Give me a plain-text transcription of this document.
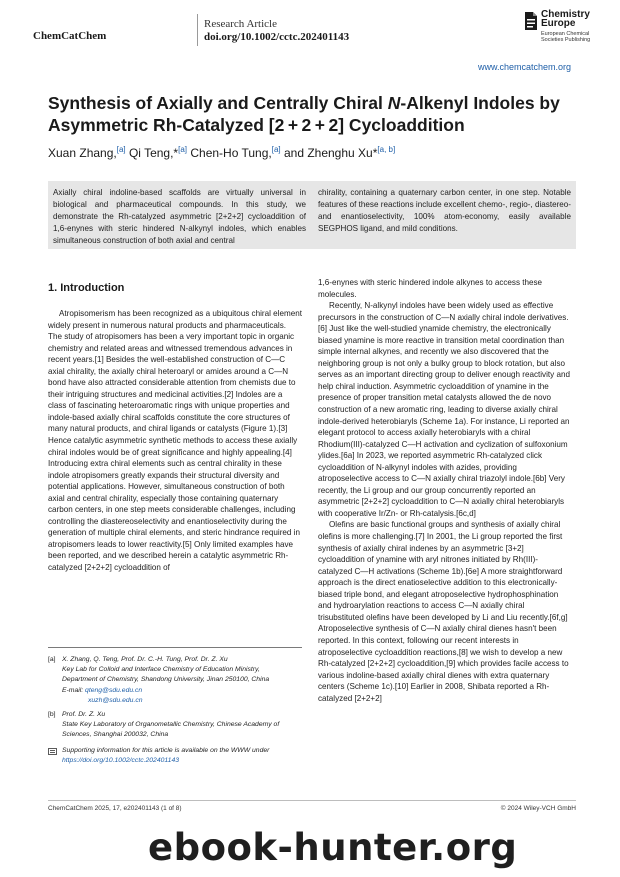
ChemCatChem
Research Article
doi.org/10.1002/cctc.202401143
Chemistry
Europe
European Chemical
Societies Publishing
www.chemcatchem.org
Synthesis of Axially and Centrally Chiral N-Alkenyl Indoles by Asymmetric Rh-Catalyzed [2 + 2 + 2] Cycloaddition
Xuan Zhang,[a] Qi Teng,*[a] Chen-Ho Tung,[a] and Zhenghu Xu*[a, b]
Axially chiral indoline-based scaffolds are virtually universal in biological and pharmaceutical compounds. In this study, we demonstrate the Rh-catalyzed asymmetric [2+2+2] cycloaddition of 1,6-enynes with steric hindered N-alkynyl indoles, which enables simultaneous construction of both axial and central
chirality, containing a quaternary carbon center, in one step. Notable features of these reactions include excellent chemo-, regio-, diastereo- and enantioselectivity, 100% atom-economy, easily available SEGPHOS ligand, and mild conditions.
1. Introduction

Atropisomerism has been recognized as a ubiquitous chiral element widely present in numerous natural products and pharmaceuticals. The study of atropisomers has been a very important topic in organic chemistry and related areas and witnessed tremendous advances in recent years.[1] Besides the well-established construction of C—C axial chirality, the axially chiral heteroaryl or amides around a C—N bond have also attracted considerable attention from chemists due to their intriguing structures and medicinal activities.[2] Indoles are a class of fascinating heteroaromatic rings with unique properties and indole-based axially chiral scaffolds constitute the core structures of many natural products, and chiral ligands or catalysts (Figure 1).[3] Hence catalytic asymmetric synthetic methods to access these axially chiral indoles would be of great significance and highly appealing.[4] Introducing extra chiral elements such as central chirality in these indole atropisomers greatly expands their structural diversity and potential applications. However, simultaneous construction of both axial and central chirality, especially those containing quaternary carbon centers, in one step meets considerable challenges, including controlling the diastereoselectivity and enantioselectivity during the generation of multiple chiral elements, and steric hindrance required in atropisomers leads to lower reactivity.[5] Only limited examples have been reported, and we described herein a catalytic asymmetric Rh-catalyzed [2+2+2] cycloaddition of

1,6-enynes with steric hindered indole alkynes to access these molecules.

Recently, N-alkynyl indoles have been widely used as effective precursors in the construction of C—N axially chiral indole derivatives.[6] Just like the well-studied ynamide chemistry, the electronically biased ynamine is more reactive in transition metal coordination than simple internal alkynes, and recently we also discovered that the neighboring group is not only a bulky group to block rotation, but also serves as an important directing group to deliver enough reactivity and help chiral induction. Asymmetric cycloaddition of ynamine in the presence of proper transition metal catalysts allowed the de novo construction of a new aromatic ring, leading to diverse axially chiral indole-derived heterobiaryls (Scheme 1a). For instance, Li reported an elegant protocol to access axially heterobiaryls with a chiral Rhodium(III)-catalyzed C—H activation and cyclization of sulfoxonium ylides.[6a] In 2023, we reported asymmetric Rh-catalyzed click cycloaddition of N-alkynyl indoles with azides, providing atroposelective access to C—N axially chiral triazolyl indole.[6b] Very recently, the Li group and our group concurrently reported an asymmetric [2+2+2] cycloaddition to C—N axially chiral heterobiaryls with cooperative Ir/Zn- or Rh-catalysis.[6c,d]

Olefins are basic functional groups and synthesis of axially chiral olefins is more challenging.[7] In 2001, the Li group reported the first synthesis of axially chiral indenes by an asymmetric [3+2] cycloaddition of ynamine with aryl nitrones initiated by Rh(III)-catalyzed C—H activations (Scheme 1b).[6e] A more straightforward approach is the direct enatioselective addition to this electronically-biased triple bond, and elegant atroposelective hydrophosphination and hydroarylation reactions to access C—N axially chiral trisubstituted olefins have been developed by Li and Liu recently.[6f,g] Atroposelective synthesis of C—N axially chiral dienes hasn't been reported. In this context, following our recent interests in atroposelective cycloaddition reactions,[8] we wish to develop a new Rh-catalyzed [2+2+2] cycloaddition,[9] which provides facile access to various indoline-based axially chiral dienes with extra quaternary centers (Scheme 1c).[10] Earlier in 2008, Shibata reported a Rh-catalyzed [2+2+2]

[a] X. Zhang, Q. Teng, Prof. Dr. C.-H. Tung, Prof. Dr. Z. Xu
Key Lab for Colloid and Interface Chemistry of Education Ministry,
Department of Chemistry, Shandong University, Jinan 250100, China
E-mail: qteng@sdu.edu.cn
xuzh@sdu.edu.cn
[b] Prof. Dr. Z. Xu
State Key Laboratory of Organometallic Chemistry, Chinese Academy of
Sciences, Shanghai 200032, China
Supporting information for this article is available on the WWW under
https://doi.org/10.1002/cctc.202401143
ChemCatChem 2025, 17, e202401143 (1 of 8)	© 2024 Wiley-VCH GmbH
ebook-hunter.org
